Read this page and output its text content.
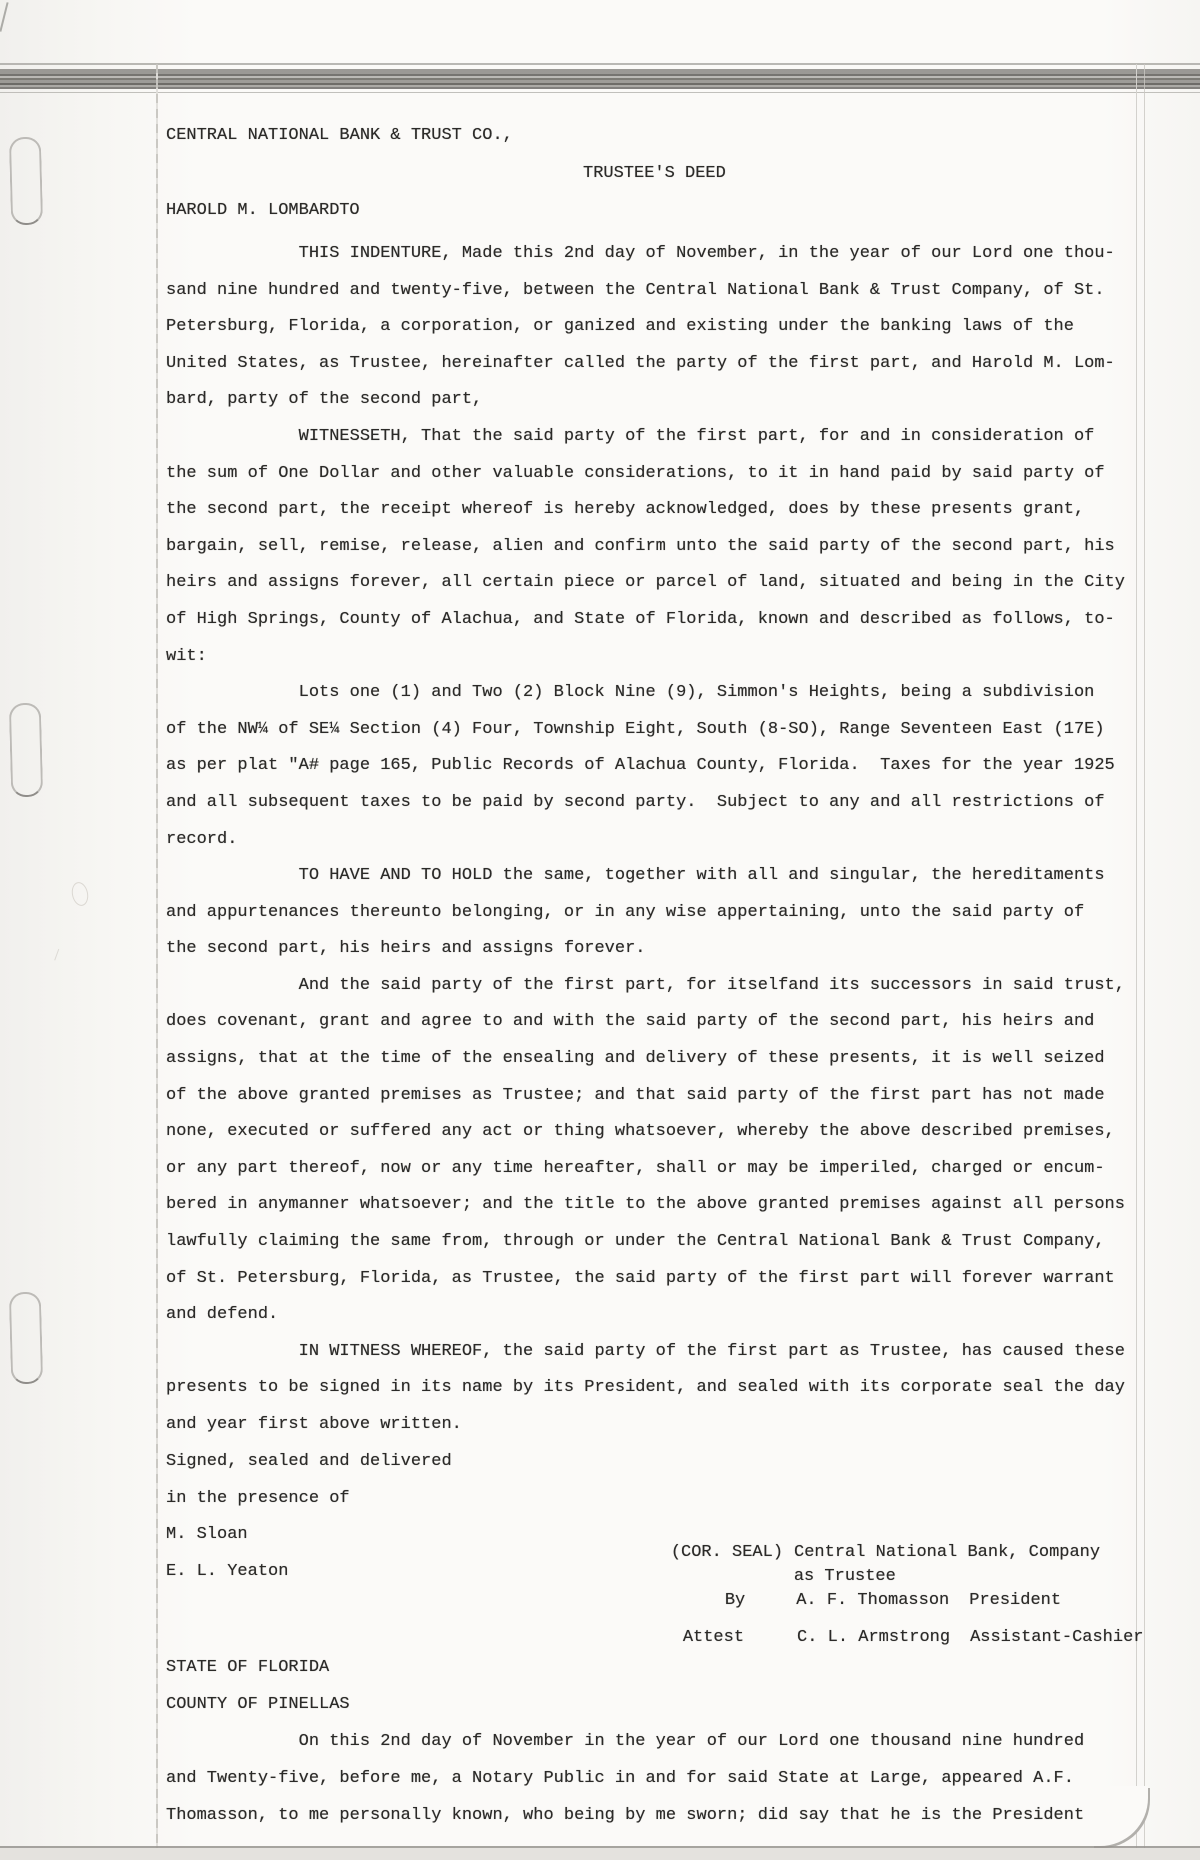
CENTRAL NATIONAL BANK & TRUST CO.,

TO

TRUSTEE'S DEED

HAROLD M. LOMBARD
THIS INDENTURE, Made this 2nd day of November, in the year of our Lord one thou-
sand nine hundred and twenty-five, between the Central National Bank & Trust Company, of St.
Petersburg, Florida, a corporation, or ganized and existing under the banking laws of the
United States, as Trustee, hereinafter called the party of the first part, and Harold M. Lom-
bard, party of the second part,
WITNESSETH, That the said party of the first part, for and in consideration of
the sum of One Dollar and other valuable considerations, to it in hand paid by said party of
the second part, the receipt whereof is hereby acknowledged, does by these presents grant,
bargain, sell, remise, release, alien and confirm unto the said party of the second part, his
heirs and assigns forever, all certain piece or parcel of land, situated and being in the City
of High Springs, County of Alachua, and State of Florida, known and described as follows, to-
wit:
Lots one (1) and Two (2) Block Nine (9), Simmon's Heights, being a subdivision
of the NW¼ of SE¼ Section (4) Four, Township Eight, South (8-SO), Range Seventeen East (17E)
as per plat "A# page 165, Public Records of Alachua County, Florida.  Taxes for the year 1925
and all subsequent taxes to be paid by second party.  Subject to any and all restrictions of
record.
TO HAVE AND TO HOLD the same, together with all and singular, the hereditaments
and appurtenances thereunto belonging, or in any wise appertaining, unto the said party of
the second part, his heirs and assigns forever.
And the said party of the first part, for itselfand its successors in said trust,
does covenant, grant and agree to and with the said party of the second part, his heirs and
assigns, that at the time of the ensealing and delivery of these presents, it is well seized
of the above granted premises as Trustee; and that said party of the first part has not made
none, executed or suffered any act or thing whatsoever, whereby the above described premises,
or any part thereof, now or any time hereafter, shall or may be imperiled, charged or encum-
bered in anymanner whatsoever; and the title to the above granted premises against all persons
lawfully claiming the same from, through or under the Central National Bank & Trust Company,
of St. Petersburg, Florida, as Trustee, the said party of the first part will forever warrant
and defend.
IN WITNESS WHEREOF, the said party of the first part as Trustee, has caused these
presents to be signed in its name by its President, and sealed with its corporate seal the day
and year first above written.
Signed, sealed and delivered
in the presence of
M. Sloan
E. L. Yeaton

(COR. SEAL) Central National Bank, Company

as Trustee

By	A. F. Thomasson President

Attest	C. L. Armstrong Assistant-Cashier

STATE OF FLORIDA
COUNTY OF PINELLAS
On this 2nd day of November in the year of our Lord one thousand nine hundred
and Twenty-five, before me, a Notary Public in and for said State at Large, appeared A.F.
Thomasson, to me personally known, who being by me sworn; did say that he is the President
